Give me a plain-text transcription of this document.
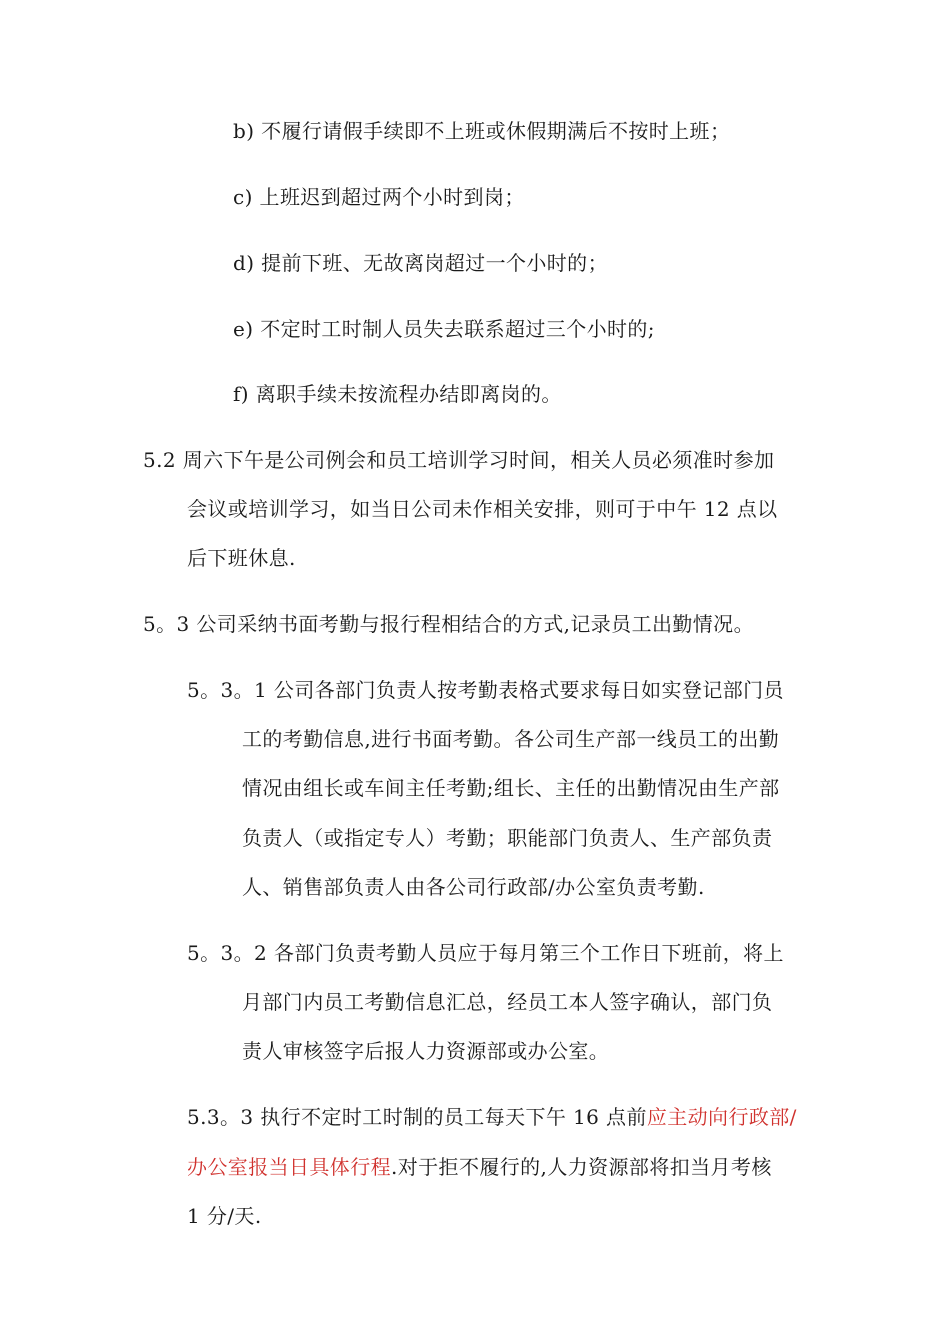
b) 不履行请假手续即不上班或休假期满后不按时上班；
c) 上班迟到超过两个小时到岗；
d) 提前下班、无故离岗超过一个小时的；
e) 不定时工时制人员失去联系超过三个小时的;
f) 离职手续未按流程办结即离岗的。
5.2 周六下午是公司例会和员工培训学习时间，相关人员必须准时参加
会议或培训学习，如当日公司未作相关安排，则可于中午 12 点以
后下班休息.
5。3 公司采纳书面考勤与报行程相结合的方式,记录员工出勤情况。
5。3。1 公司各部门负责人按考勤表格式要求每日如实登记部门员
工的考勤信息,进行书面考勤。各公司生产部一线员工的出勤
情况由组长或车间主任考勤;组长、主任的出勤情况由生产部
负责人（或指定专人）考勤；职能部门负责人、生产部负责
人、销售部负责人由各公司行政部/办公室负责考勤.
5。3。2 各部门负责考勤人员应于每月第三个工作日下班前，将上
月部门内员工考勤信息汇总，经员工本人签字确认，部门负
责人审核签字后报人力资源部或办公室。
5.3。3 执行不定时工时制的员工每天下午 16 点前应主动向行政部/
办公室报当日具体行程.对于拒不履行的,人力资源部将扣当月考核
1 分/天.
